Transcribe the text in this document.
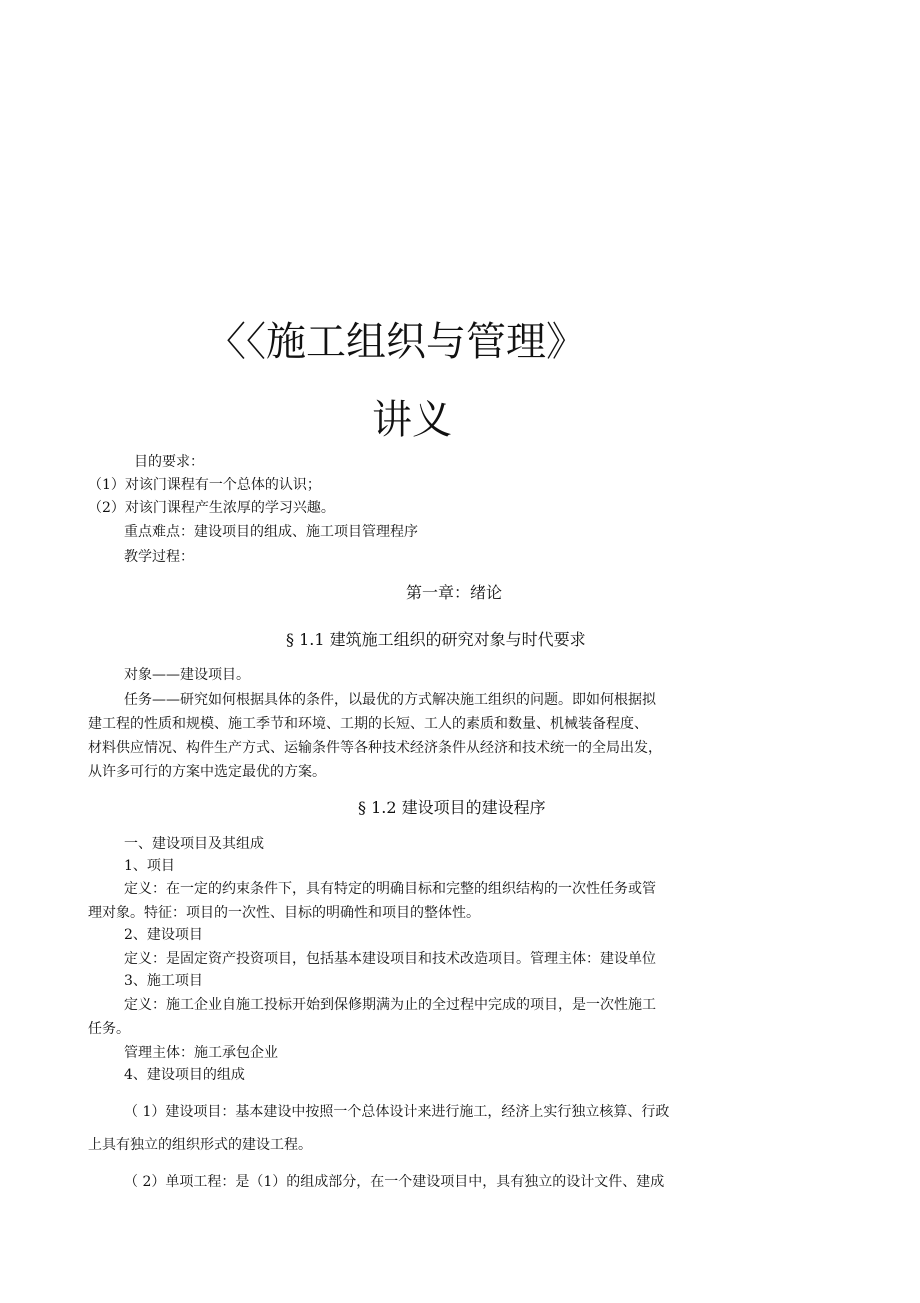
〈〈施工组织与管理》
讲义
目的要求：
（1）对该门课程有一个总体的认识；
（2）对该门课程产生浓厚的学习兴趣。
重点难点：建设项目的组成、施工项目管理程序
教学过程：
第一章：绪论
§ 1.1 建筑施工组织的研究对象与时代要求
对象——建设项目。
任务——研究如何根据具体的条件，以最优的方式解决施工组织的问题。即如何根据拟
建工程的性质和规模、施工季节和环境、工期的长短、工人的素质和数量、机械装备程度、
材料供应情况、构件生产方式、运输条件等各种技术经济条件从经济和技术统一的全局出发，
从许多可行的方案中选定最优的方案。
§ 1.2 建设项目的建设程序
一、建设项目及其组成
1、项目
定义：在一定的约束条件下，具有特定的明确目标和完整的组织结构的一次性任务或管
理对象。特征：项目的一次性、目标的明确性和项目的整体性。
2、建设项目
定义：是固定资产投资项目，包括基本建设项目和技术改造项目。管理主体：建设单位
3、施工项目
定义：施工企业自施工投标开始到保修期满为止的全过程中完成的项目，是一次性施工
任务。
管理主体：施工承包企业
4、建设项目的组成
（ 1）建设项目：基本建设中按照一个总体设计来进行施工，经济上实行独立核算、行政
上具有独立的组织形式的建设工程。
（ 2）单项工程：是（1）的组成部分，在一个建设项目中，具有独立的设计文件、建成
